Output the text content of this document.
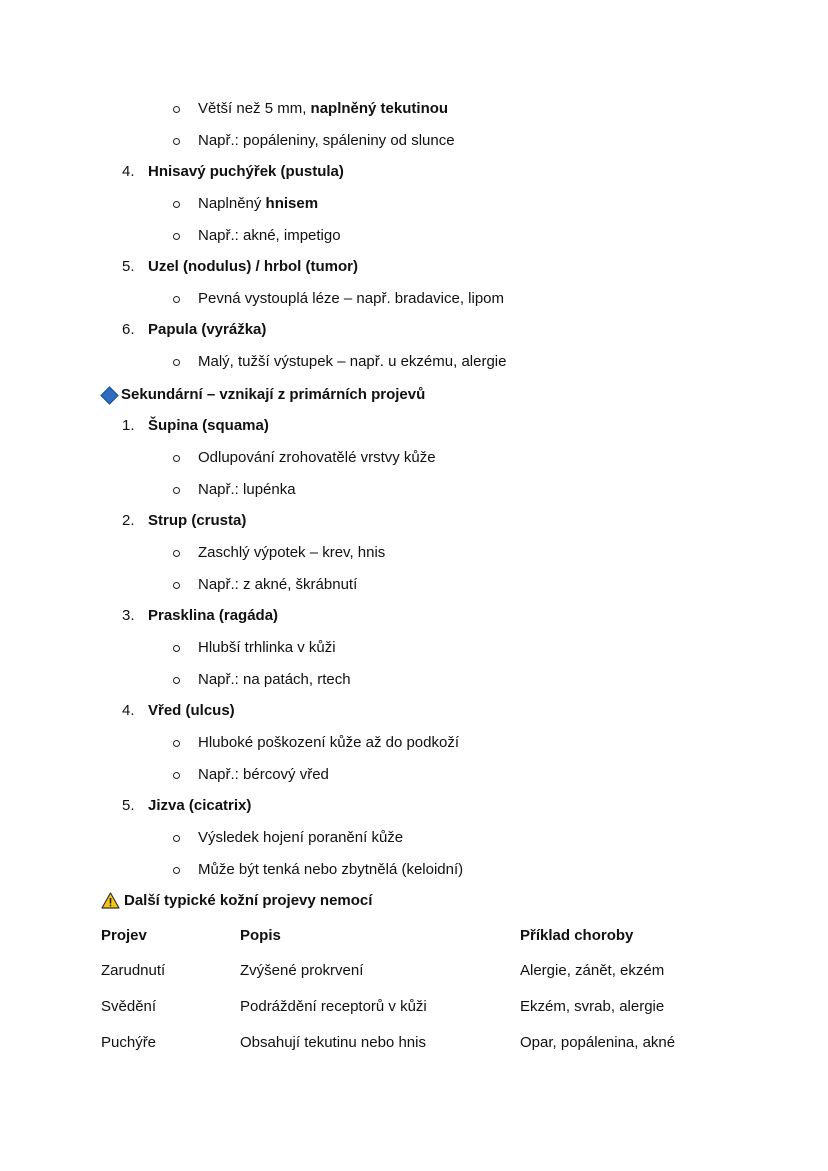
Větší než 5 mm, naplněný tekutinou
Např.: popáleniny, spáleniny od slunce
4. Hnisavý puchýřek (pustula)
Naplněný hnisem
Např.: akné, impetigo
5. Uzel (nodulus) / hrbol (tumor)
Pevná vystouplá léze – např. bradavice, lipom
6. Papula (vyrážka)
Malý, tužší výstupek – např. u ekzému, alergie
Sekundární – vznikají z primárních projevů
1. Šupina (squama)
Odlupování zrohovatělé vrstvy kůže
Např.: lupénka
2. Strup (crusta)
Zaschlý výpotek – krev, hnis
Např.: z akné, škrábnutí
3. Prasklina (ragáda)
Hlubší trhlinka v kůži
Např.: na patách, rtech
4. Vřed (ulcus)
Hluboké poškození kůže až do podkoží
Např.: bércový vřed
5. Jizva (cicatrix)
Výsledek hojení poranění kůže
Může být tenká nebo zbytnělá (keloidní)
Další typické kožní projevy nemocí
Projev	Popis	Příklad choroby
Zarudnutí	Zvýšené prokrvení	Alergie, zánět, ekzém
Svědění	Podráždění receptorů v kůži	Ekzém, svrab, alergie
Puchýře	Obsahují tekutinu nebo hnis	Opar, popálenina, akné
